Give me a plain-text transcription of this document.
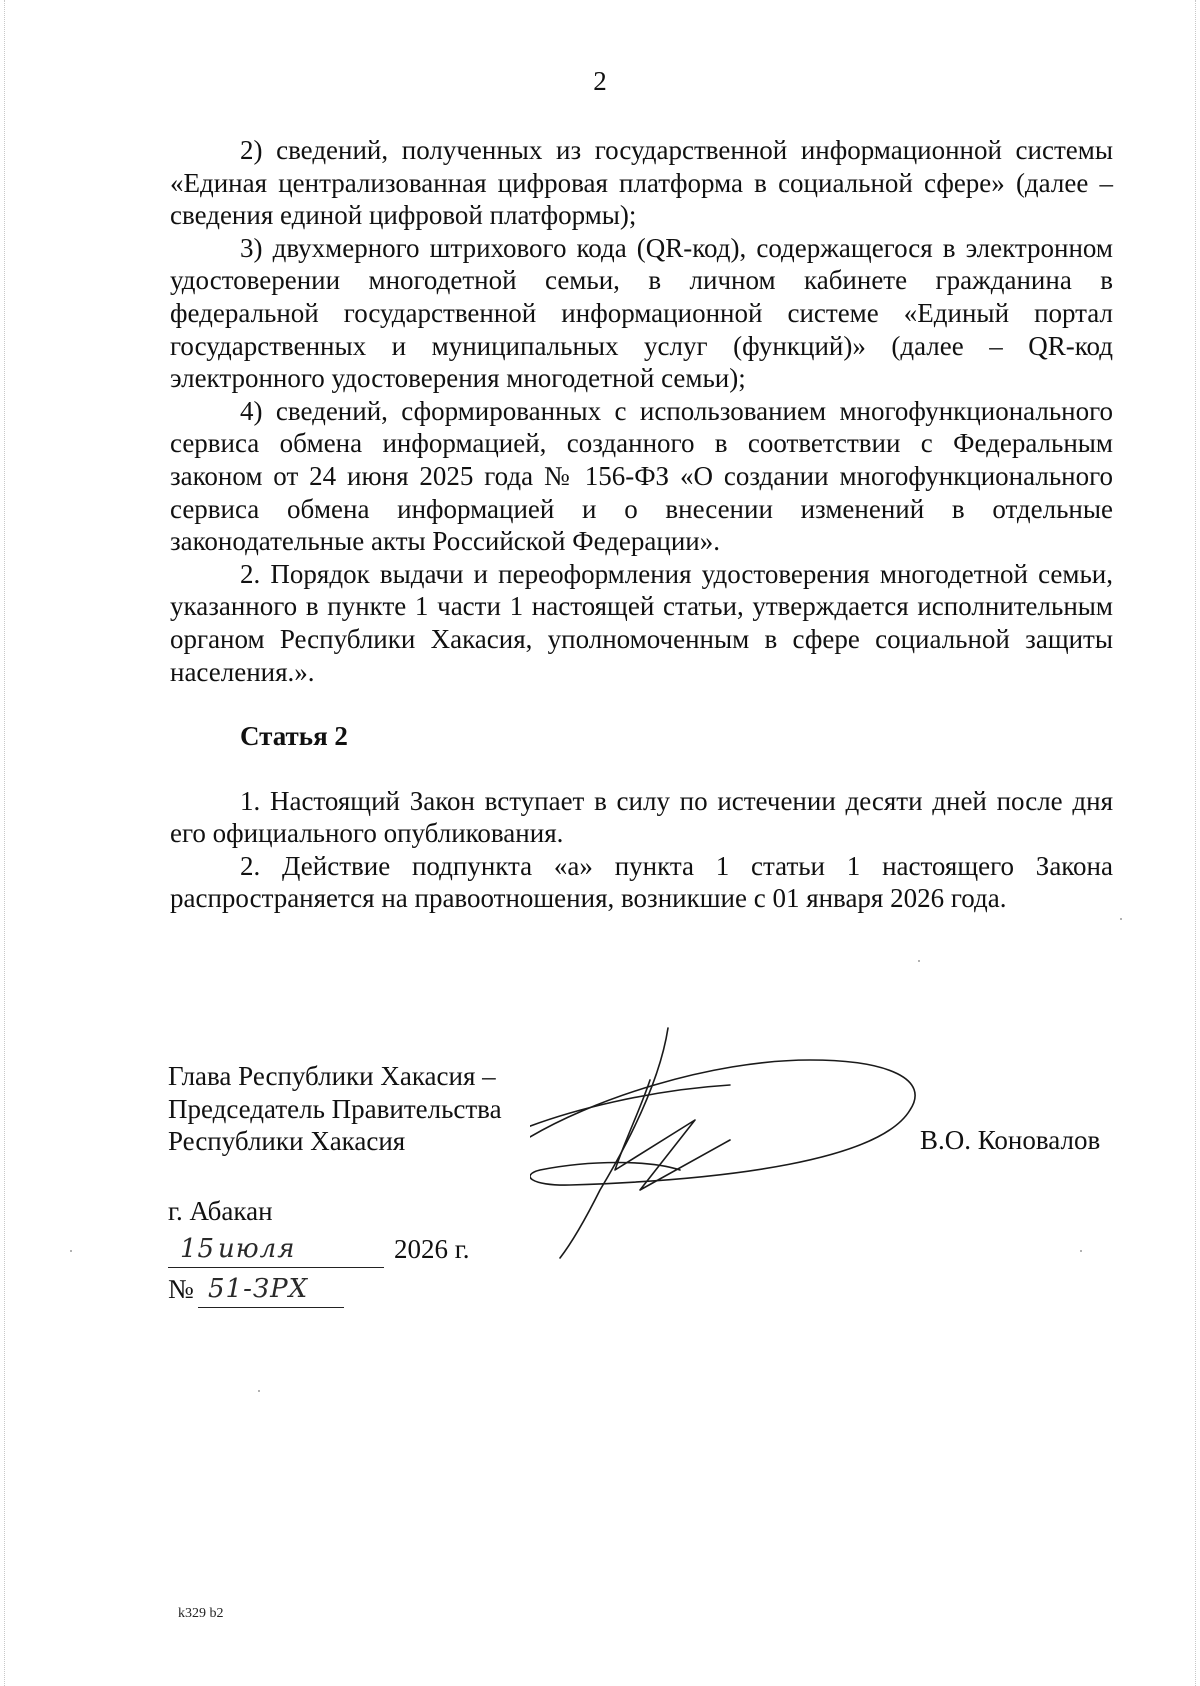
2

2) сведений, полученных из государственной информационной системы «Единая централизованная цифровая платформа в социальной сфере» (далее – сведения единой цифровой платформы);

3) двухмерного штрихового кода (QR-код), содержащегося в электронном удостоверении многодетной семьи, в личном кабинете гражданина в федеральной государственной информационной системе «Единый портал государственных и муниципальных услуг (функций)» (далее – QR-код электронного удостоверения многодетной семьи);

4) сведений, сформированных с использованием многофункционального сервиса обмена информацией, созданного в соответствии с Федеральным законом от 24 июня 2025 года № 156-ФЗ «О создании многофункционального сервиса обмена информацией и о внесении изменений в отдельные законодательные акты Российской Федерации».

2. Порядок выдачи и переоформления удостоверения многодетной семьи, указанного в пункте 1 части 1 настоящей статьи, утверждается исполнительным органом Республики Хакасия, уполномоченным в сфере социальной защиты населения.».

Статья 2

1. Настоящий Закон вступает в силу по истечении десяти дней после дня его официального опубликования.

2. Действие подпункта «а» пункта 1 статьи 1 настоящего Закона распространяется на правоотношения, возникшие с 01 января 2026 года.

Глава Республики Хакасия –
Председатель Правительства
Республики Хакасия	В.О. Коновалов
г. Абакан
15 июля	2026 г.
№ 51-ЗРХ
k329 b2
